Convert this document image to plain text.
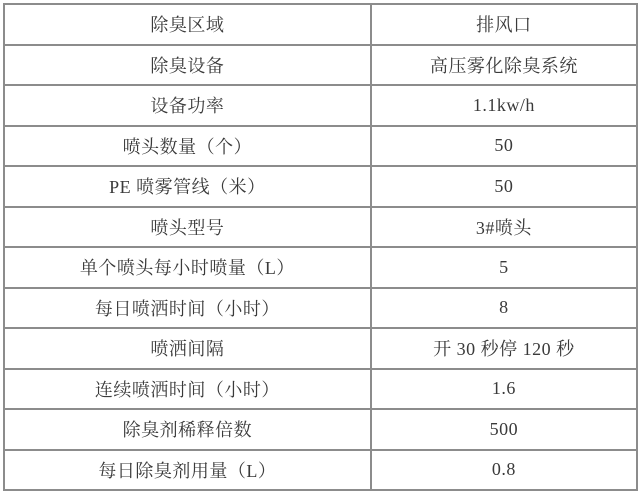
除臭区域	排风口
除臭设备	高压雾化除臭系统
设备功率	1.1kw/h
喷头数量（个）	50
PE 喷雾管线（米）	50
喷头型号	3#喷头
单个喷头每小时喷量（L）	5
每日喷洒时间（小时）	8
喷洒间隔	开 30 秒停 120 秒
连续喷洒时间（小时）	1.6
除臭剂稀释倍数	500
每日除臭剂用量（L）	0.8
